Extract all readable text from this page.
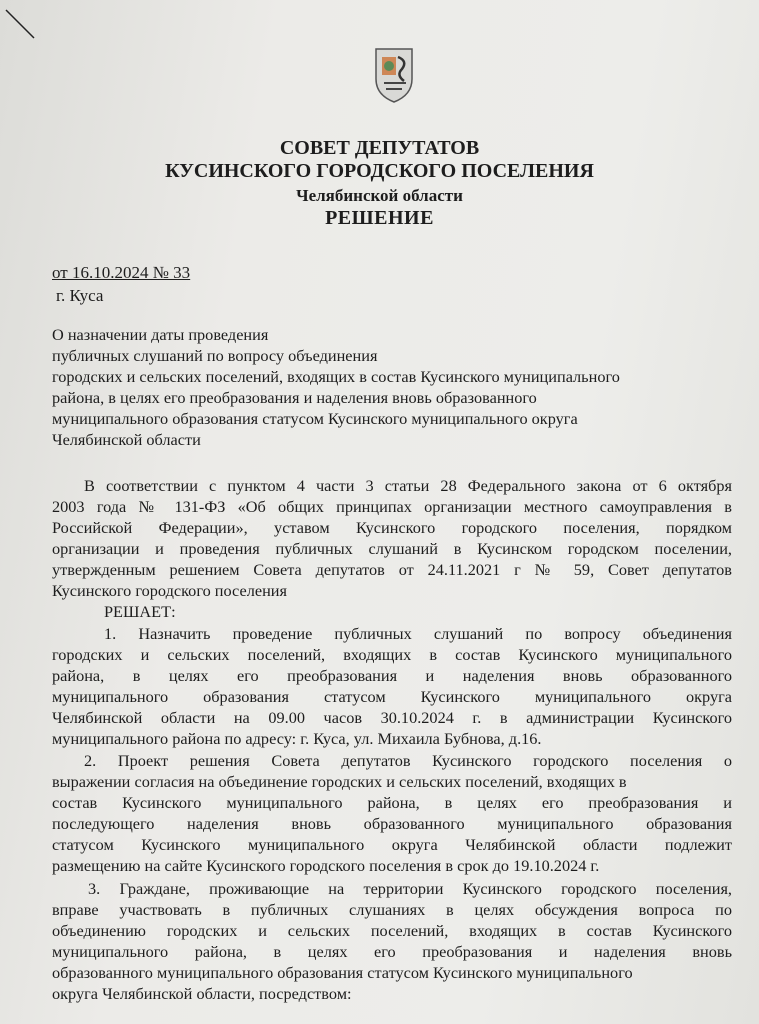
СОВЕТ ДЕПУТАТОВ
КУСИНСКОГО ГОРОДСКОГО ПОСЕЛЕНИЯ
Челябинской области
РЕШЕНИЕ
от 16.10.2024 № 33
г. Куса
О назначении даты проведения
публичных слушаний по вопросу объединения
городских и сельских поселений, входящих в состав Кусинского муниципального
района, в целях его преобразования и наделения вновь образованного
муниципального образования статусом Кусинского муниципального округа
Челябинской области
В соответствии с пунктом 4 части 3 статьи 28 Федерального закона от 6 октября
2003 года № 131-ФЗ «Об общих принципах организации местного самоуправления в
Российской Федерации», уставом Кусинского городского поселения, порядком
организации и проведения публичных слушаний в Кусинском городском поселении,
утвержденным решением Совета депутатов от 24.11.2021 г № 59, Совет депутатов
Кусинского городского поселения
РЕШАЕТ:
1. Назначить проведение публичных слушаний по вопросу объединения
городских и сельских поселений, входящих в состав Кусинского муниципального
района, в целях его преобразования и наделения вновь образованного
муниципального образования статусом Кусинского муниципального округа
Челябинской области на 09.00 часов 30.10.2024 г. в администрации Кусинского
муниципального района по адресу: г. Куса, ул. Михаила Бубнова, д.16.
2. Проект решения Совета депутатов Кусинского городского поселения о
выражении согласия на объединение городских и сельских поселений, входящих в
состав Кусинского муниципального района, в целях его преобразования и
последующего наделения вновь образованного муниципального образования
статусом Кусинского муниципального округа Челябинской области подлежит
размещению на сайте Кусинского городского поселения в срок до 19.10.2024 г.
3. Граждане, проживающие на территории Кусинского городского поселения,
вправе участвовать в публичных слушаниях в целях обсуждения вопроса по
объединению городских и сельских поселений, входящих в состав Кусинского
муниципального района, в целях его преобразования и наделения вновь
образованного муниципального образования статусом Кусинского муниципального
округа Челябинской области, посредством:
